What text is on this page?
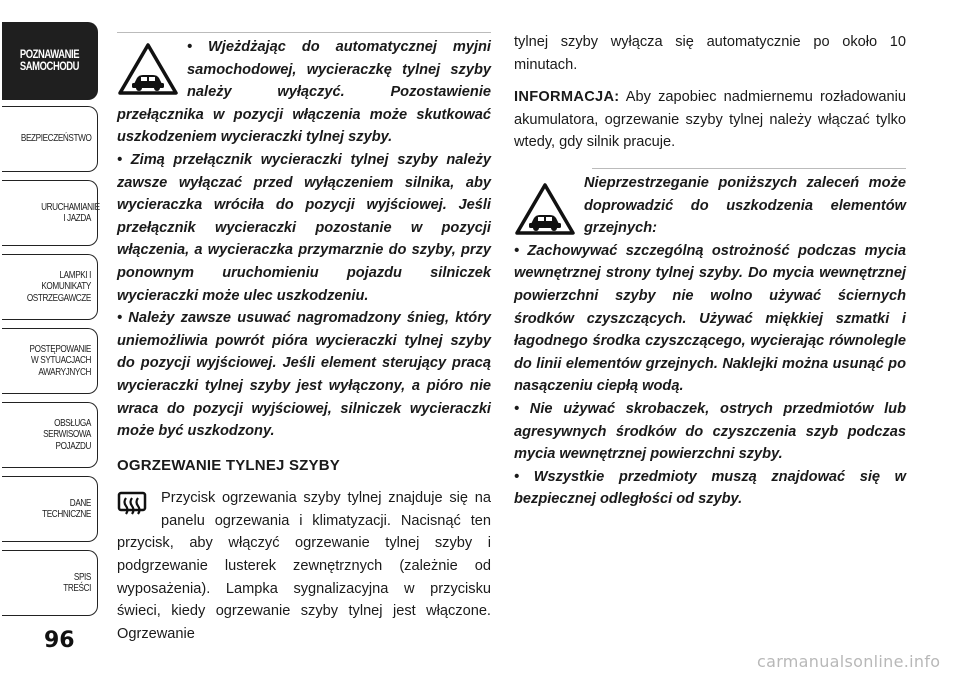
POZNAWANIE SAMOCHODU
BEZPIECZEŃSTWO
URUCHAMIANIE I JAZDA
LAMPKI I KOMUNIKATY OSTRZEGAWCZE
POSTĘPOWANIE W SYTUACJACH AWARYJNYCH
OBSŁUGA SERWISOWA POJAZDU
DANE TECHNICZNE
SPIS TREŚCI
96
carmanualsonline.info

• Wjeżdżając do automatycznej myjni samochodowej, wycieraczkę tylnej szyby należy wyłączyć. Pozostawienie przełącznika w pozycji włączenia może skutkować uszkodzeniem wycieraczki tylnej szyby.

• Zimą przełącznik wycieraczki tylnej szyby należy zawsze wyłączać przed wyłączeniem silnika, aby wycieraczka wróciła do pozycji wyjściowej. Jeśli przełącznik wycieraczki pozostanie w pozycji włączenia, a wycieraczka przymarznie do szyby, przy ponownym uruchomieniu pojazdu silniczek wycieraczki może ulec uszkodzeniu.

• Należy zawsze usuwać nagromadzony śnieg, który uniemożliwia powrót pióra wycieraczki tylnej szyby do pozycji wyjściowej. Jeśli element sterujący pracą wycieraczki tylnej szyby jest wyłączony, a pióro nie wraca do pozycji wyjściowej, silniczek wycieraczki może być uszkodzony.

OGRZEWANIE TYLNEJ SZYBY

Przycisk ogrzewania szyby tylnej znajduje się na panelu ogrzewania i klimatyzacji. Nacisnąć ten przycisk, aby włączyć ogrzewanie tylnej szyby i podgrzewanie lusterek zewnętrznych (zależnie od wyposażenia). Lampka sygnalizacyjna w przycisku świeci, kiedy ogrzewanie szyby tylnej jest włączone. Ogrzewanie

tylnej szyby wyłącza się automatycznie po około 10 minutach.

INFORMACJA: Aby zapobiec nadmiernemu rozładowaniu akumulatora, ogrzewanie szyby tylnej należy włączać tylko wtedy, gdy silnik pracuje.

Nieprzestrzeganie poniższych zaleceń może doprowadzić do uszkodzenia elementów grzejnych:

• Zachowywać szczególną ostrożność podczas mycia wewnętrznej strony tylnej szyby. Do mycia wewnętrznej powierzchni szyby nie wolno używać ściernych środków czyszczących. Używać miękkiej szmatki i łagodnego środka czyszczącego, wycierając równolegle do linii elementów grzejnych. Naklejki można usunąć po nasączeniu ciepłą wodą.

• Nie używać skrobaczek, ostrych przedmiotów lub agresywnych środków do czyszczenia szyb podczas mycia wewnętrznej powierzchni szyby.

• Wszystkie przedmioty muszą znajdować się w bezpiecznej odległości od szyby.
